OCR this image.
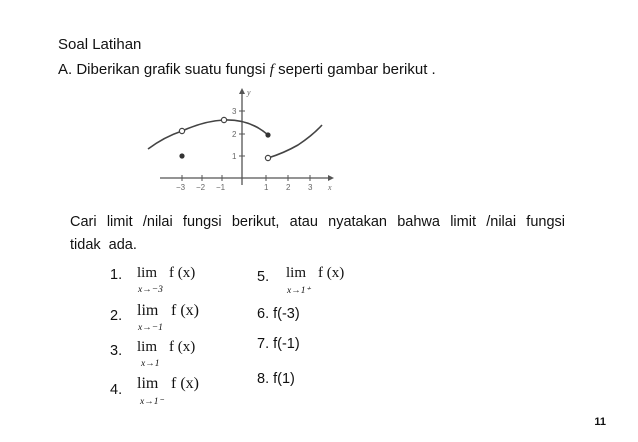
Soal Latihan
A. Diberikan grafik suatu fungsi f seperti gambar berikut .
−3 −2 −1	1 2 3
1
2
3
x
y
Cari limit /nilai fungsi berikut, atau nyatakan bahwa limit /nilai fungsi tidak ada.
1. lim f (x)
x→−3
2. lim f (x)
x→−1
3. lim f (x)
x→1
4. lim f (x)
x→1⁻
5. lim f (x)
x→1⁺
6. f(-3)
7. f(-1)
8. f(1)
11
